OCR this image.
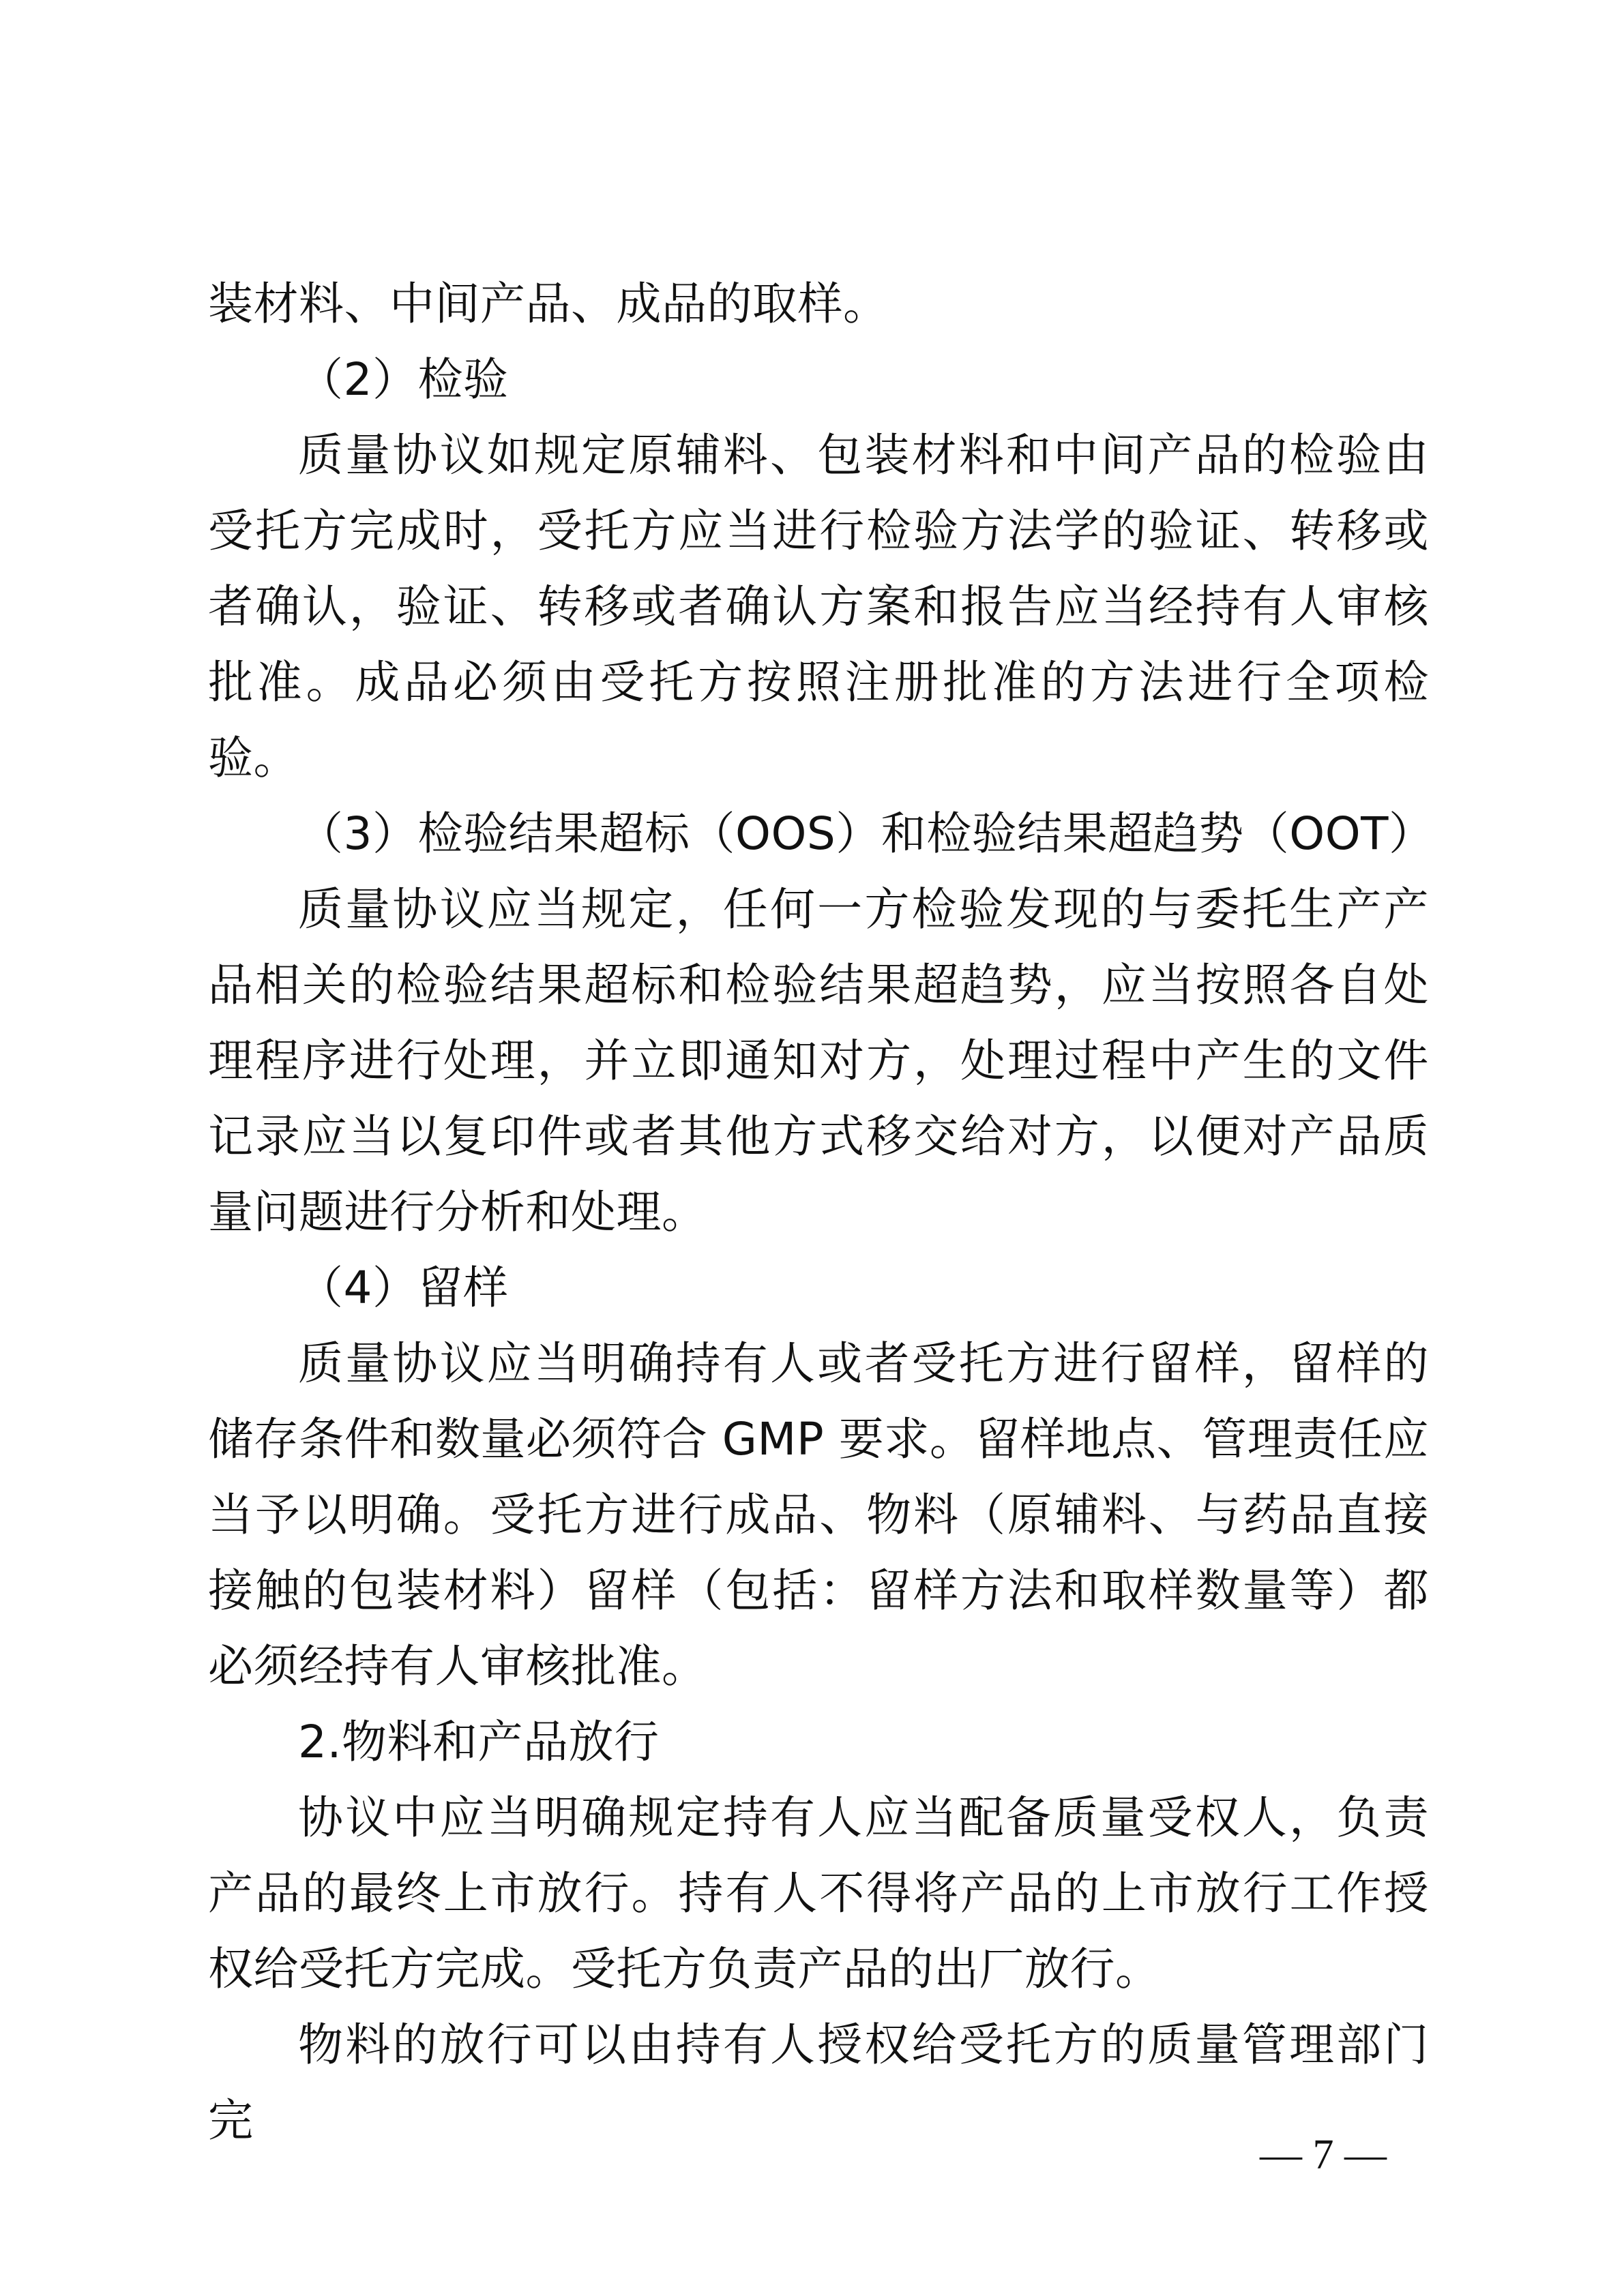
装材料、中间产品、成品的取样。

（2）检验

质量协议如规定原辅料、包装材料和中间产品的检验由受托方完成时，受托方应当进行检验方法学的验证、转移或者确认，验证、转移或者确认方案和报告应当经持有人审核批准。成品必须由受托方按照注册批准的方法进行全项检验。

（3）检验结果超标（OOS）和检验结果超趋势（OOT）

质量协议应当规定，任何一方检验发现的与委托生产产品相关的检验结果超标和检验结果超趋势，应当按照各自处理程序进行处理，并立即通知对方，处理过程中产生的文件记录应当以复印件或者其他方式移交给对方，以便对产品质量问题进行分析和处理。

（4）留样

质量协议应当明确持有人或者受托方进行留样，留样的储存条件和数量必须符合 GMP 要求。留样地点、管理责任应当予以明确。受托方进行成品、物料（原辅料、与药品直接接触的包装材料）留样（包括：留样方法和取样数量等）都必须经持有人审核批准。

2.物料和产品放行

协议中应当明确规定持有人应当配备质量受权人，负责产品的最终上市放行。持有人不得将产品的上市放行工作授权给受托方完成。受托方负责产品的出厂放行。

物料的放行可以由持有人授权给受托方的质量管理部门完

— 7 —
